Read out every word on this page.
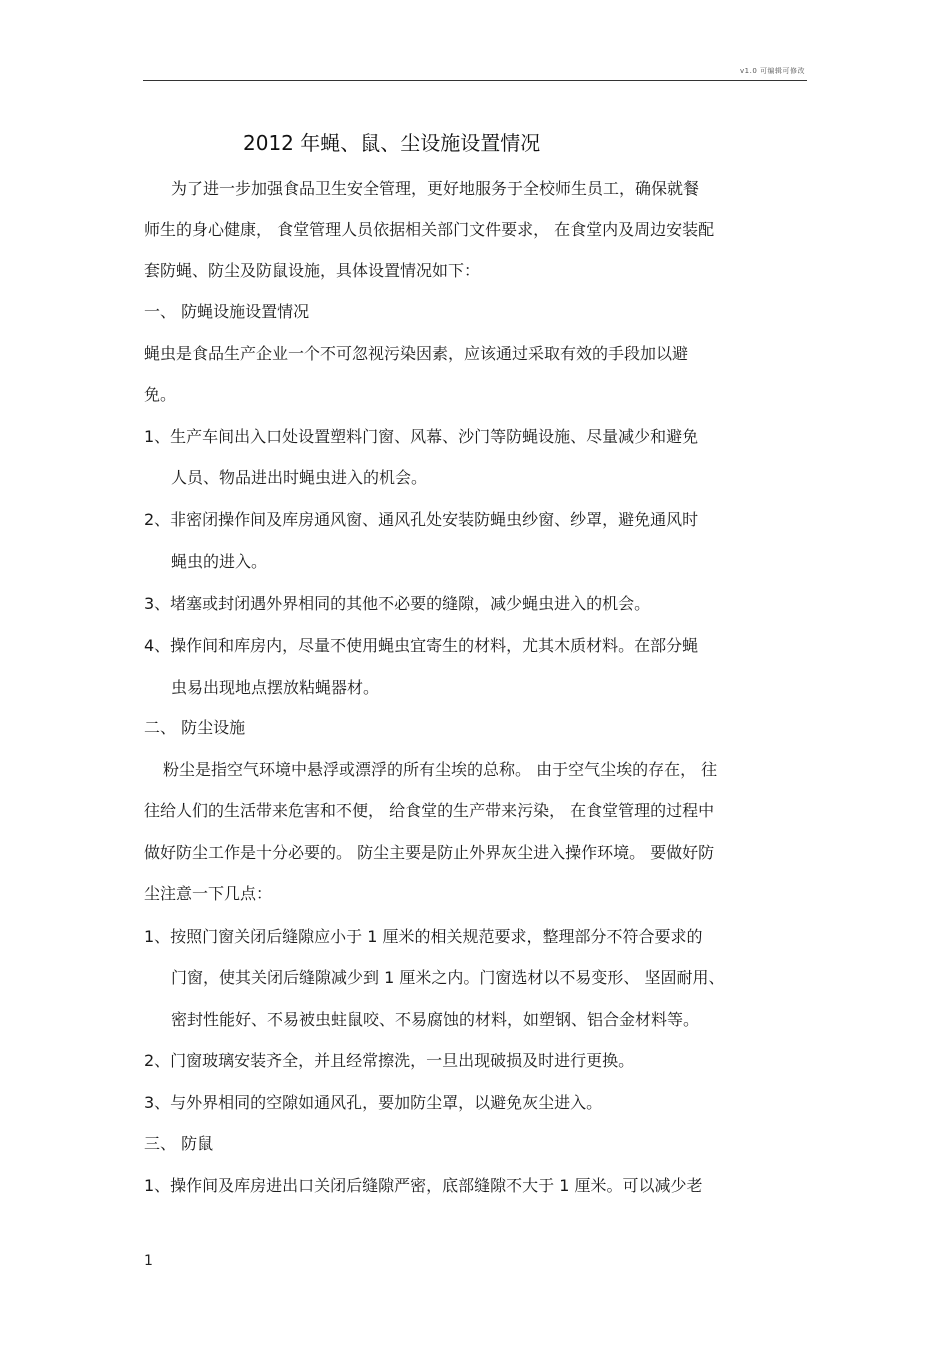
v1.0 可编辑可修改
2012 年蝇、鼠、尘设施设置情况
为了进一步加强食品卫生安全管理，更好地服务于全校师生员工，确保就餐
师生的身心健康， 食堂管理人员依据相关部门文件要求， 在食堂内及周边安装配
套防蝇、防尘及防鼠设施，具体设置情况如下：
一、 防蝇设施设置情况
蝇虫是食品生产企业一个不可忽视污染因素，应该通过采取有效的手段加以避
免。
1、生产车间出入口处设置塑料门窗、风幕、沙门等防蝇设施、尽量减少和避免
人员、物品进出时蝇虫进入的机会。
2、非密闭操作间及库房通风窗、通风孔处安装防蝇虫纱窗、纱罩，避免通风时
蝇虫的进入。
3、堵塞或封闭遇外界相同的其他不必要的缝隙，减少蝇虫进入的机会。
4、操作间和库房内，尽量不使用蝇虫宜寄生的材料，尤其木质材料。在部分蝇
虫易出现地点摆放粘蝇器材。
二、 防尘设施
粉尘是指空气环境中悬浮或漂浮的所有尘埃的总称。 由于空气尘埃的存在， 往
往给人们的生活带来危害和不便， 给食堂的生产带来污染， 在食堂管理的过程中
做好防尘工作是十分必要的。 防尘主要是防止外界灰尘进入操作环境。 要做好防
尘注意一下几点：
1、按照门窗关闭后缝隙应小于 1 厘米的相关规范要求，整理部分不符合要求的
门窗，使其关闭后缝隙减少到 1 厘米之内。门窗选材以不易变形、 坚固耐用、
密封性能好、不易被虫蛀鼠咬、不易腐蚀的材料，如塑钢、铝合金材料等。
2、门窗玻璃安装齐全，并且经常擦洗，一旦出现破损及时进行更换。
3、与外界相同的空隙如通风孔，要加防尘罩，以避免灰尘进入。
三、 防鼠
1、操作间及库房进出口关闭后缝隙严密，底部缝隙不大于 1 厘米。可以减少老
1
